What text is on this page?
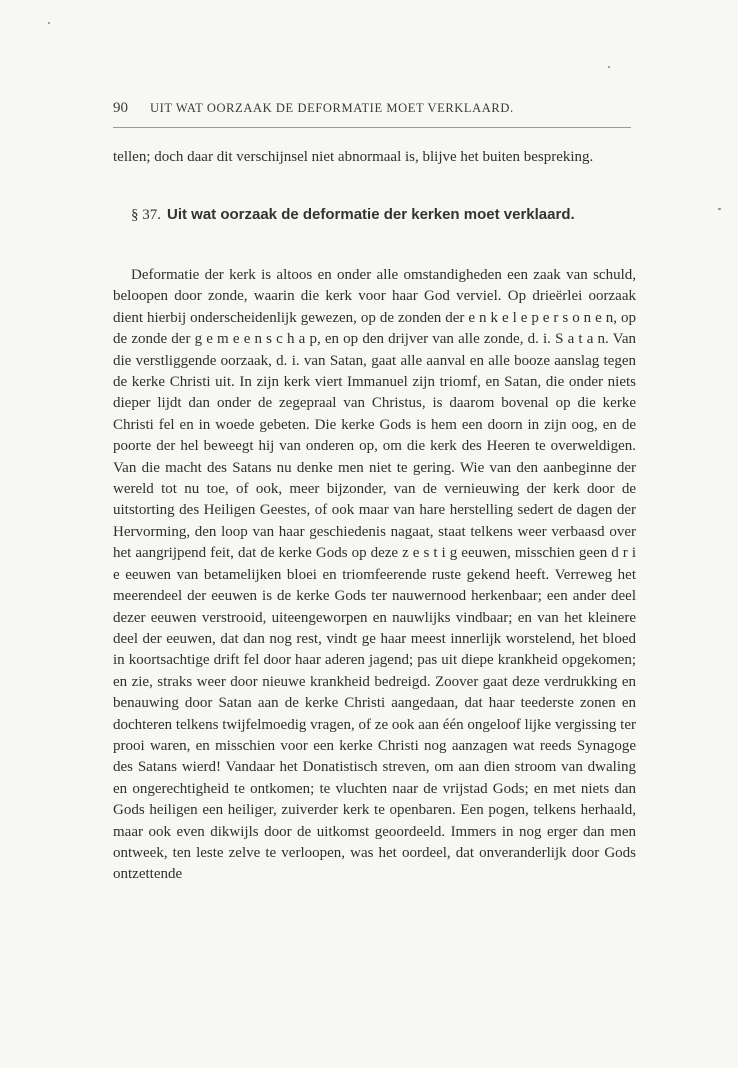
90 UIT WAT OORZAAK DE DEFORMATIE MOET VERKLAARD.
tellen; doch daar dit verschijnsel niet abnormaal is, blijve het buiten bespreking.
§ 37. Uit wat oorzaak de deformatie der kerken moet verklaard.
Deformatie der kerk is altoos en onder alle omstandigheden een zaak van schuld, beloopen door zonde, waarin die kerk voor haar God verviel. Op drieërlei oorzaak dient hierbij onderscheidenlijk gewezen, op de zonden der e n k e l e p e r s o n e n, op de zonde der g e m e e n s c h a p, en op den drijver van alle zonde, d. i. S a t a n. Van die verstliggende oorzaak, d. i. van Satan, gaat alle aanval en alle booze aanslag tegen de kerke Christi uit. In zijn kerk viert Immanuel zijn triomf, en Satan, die onder niets dieper lijdt dan onder de zegepraal van Christus, is daarom bovenal op die kerke Christi fel en in woede gebeten. Die kerke Gods is hem een doorn in zijn oog, en de poorte der hel beweegt hij van onderen op, om die kerk des Heeren te overweldigen. Van die macht des Satans nu denke men niet te gering. Wie van den aanbeginne der wereld tot nu toe, of ook, meer bijzonder, van de vernieuwing der kerk door de uitstorting des Heiligen Geestes, of ook maar van hare herstelling sedert de dagen der Hervorming, den loop van haar geschiedenis nagaat, staat telkens weer verbaasd over het aangrijpend feit, dat de kerke Gods op deze z e s t i g eeuwen, misschien geen d r i e eeuwen van betamelijken bloei en triomfeerende ruste gekend heeft. Verreweg het meerendeel der eeuwen is de kerke Gods ter nauwernood herkenbaar; een ander deel dezer eeuwen verstrooid, uiteengeworpen en nauwlijks vindbaar; en van het kleinere deel der eeuwen, dat dan nog rest, vindt ge haar meest innerlijk worstelend, het bloed in koortsachtige drift fel door haar aderen jagend; pas uit diepe krankheid opgekomen; en zie, straks weer door nieuwe krankheid bedreigd. Zoover gaat deze verdrukking en benauwing door Satan aan de kerke Christi aangedaan, dat haar teederste zonen en dochteren telkens twijfelmoedig vragen, of ze ook aan één ongeloof lijke vergissing ter prooi waren, en misschien voor een kerke Christi nog aanzagen wat reeds Synagoge des Satans wierd! Vandaar het Donatistisch streven, om aan dien stroom van dwaling en ongerechtigheid te ontkomen; te vluchten naar de vrijstad Gods; en met niets dan Gods heiligen een heiliger, zuiverder kerk te openbaren. Een pogen, telkens herhaald, maar ook even dikwijls door de uitkomst geoordeeld. Immers in nog erger dan men ontweek, ten leste zelve te verloopen, was het oordeel, dat onveranderlijk door Gods ontzettende
